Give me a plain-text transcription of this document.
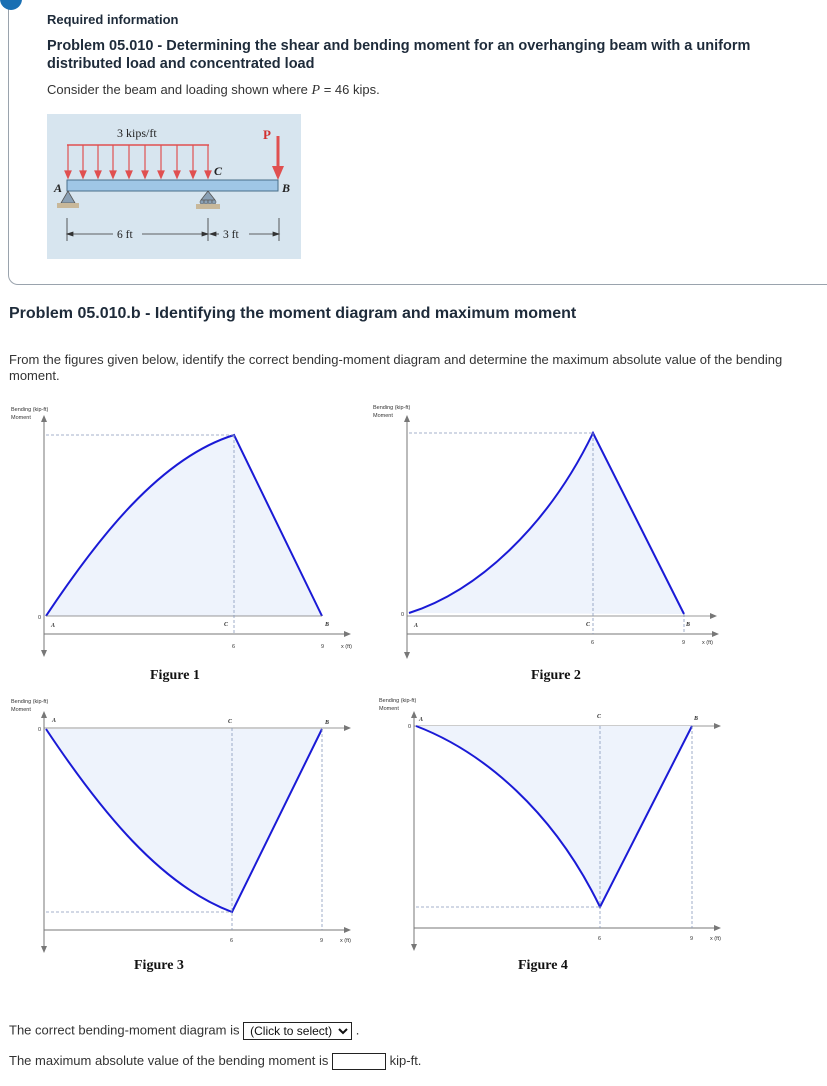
Required information

Problem 05.010 - Determining the shear and bending moment for an overhanging beam with a uniform distributed load and concentrated load

Consider the beam and loading shown where P = 46 kips.

3 kips/ft
C
P
A	B
6 ft	3 ft

Problem 05.010.b - Identifying the moment diagram and maximum moment

From the figures given below, identify the correct bending-moment diagram and determine the maximum absolute value of the bending moment.

Bending (kip-ft)
Moment
0
A	C	B
6	9	x (ft)
Figure 1
Bending (kip-ft)
Moment
0
A	C	B
6	9	x (ft)
Figure 2
Bending (kip-ft)
Moment
0
A	C	B
6	9	x (ft)
Figure 3
Bending (kip-ft)
Moment
0
A	C	B
6	9	x (ft)
Figure 4
The correct bending-moment diagram is
(Click to select)	.
The maximum absolute value of the bending moment is	kip-ft.
